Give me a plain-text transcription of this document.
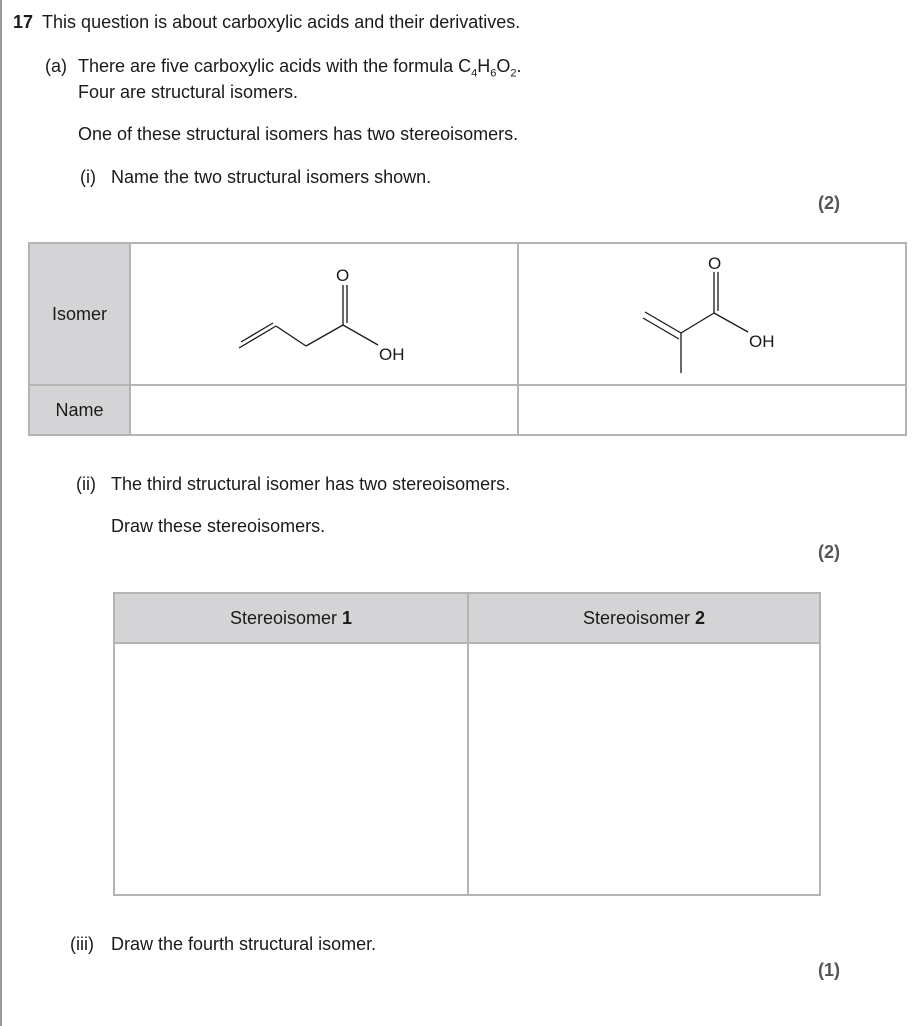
17 This question is about carboxylic acids and their derivatives.
(a) There are five carboxylic acids with the formula $C_4H_6O_2$.
Four are structural isomers.
One of these structural isomers has two stereoisomers.
(i) Name the two structural isomers shown.
(2)
Isomer
Name
O
OH
O
OH
(ii) The third structural isomer has two stereoisomers.
Draw these stereoisomers.
(2)
Stereoisomer 1	Stereoisomer 2
(iii) Draw the fourth structural isomer.
(1)
